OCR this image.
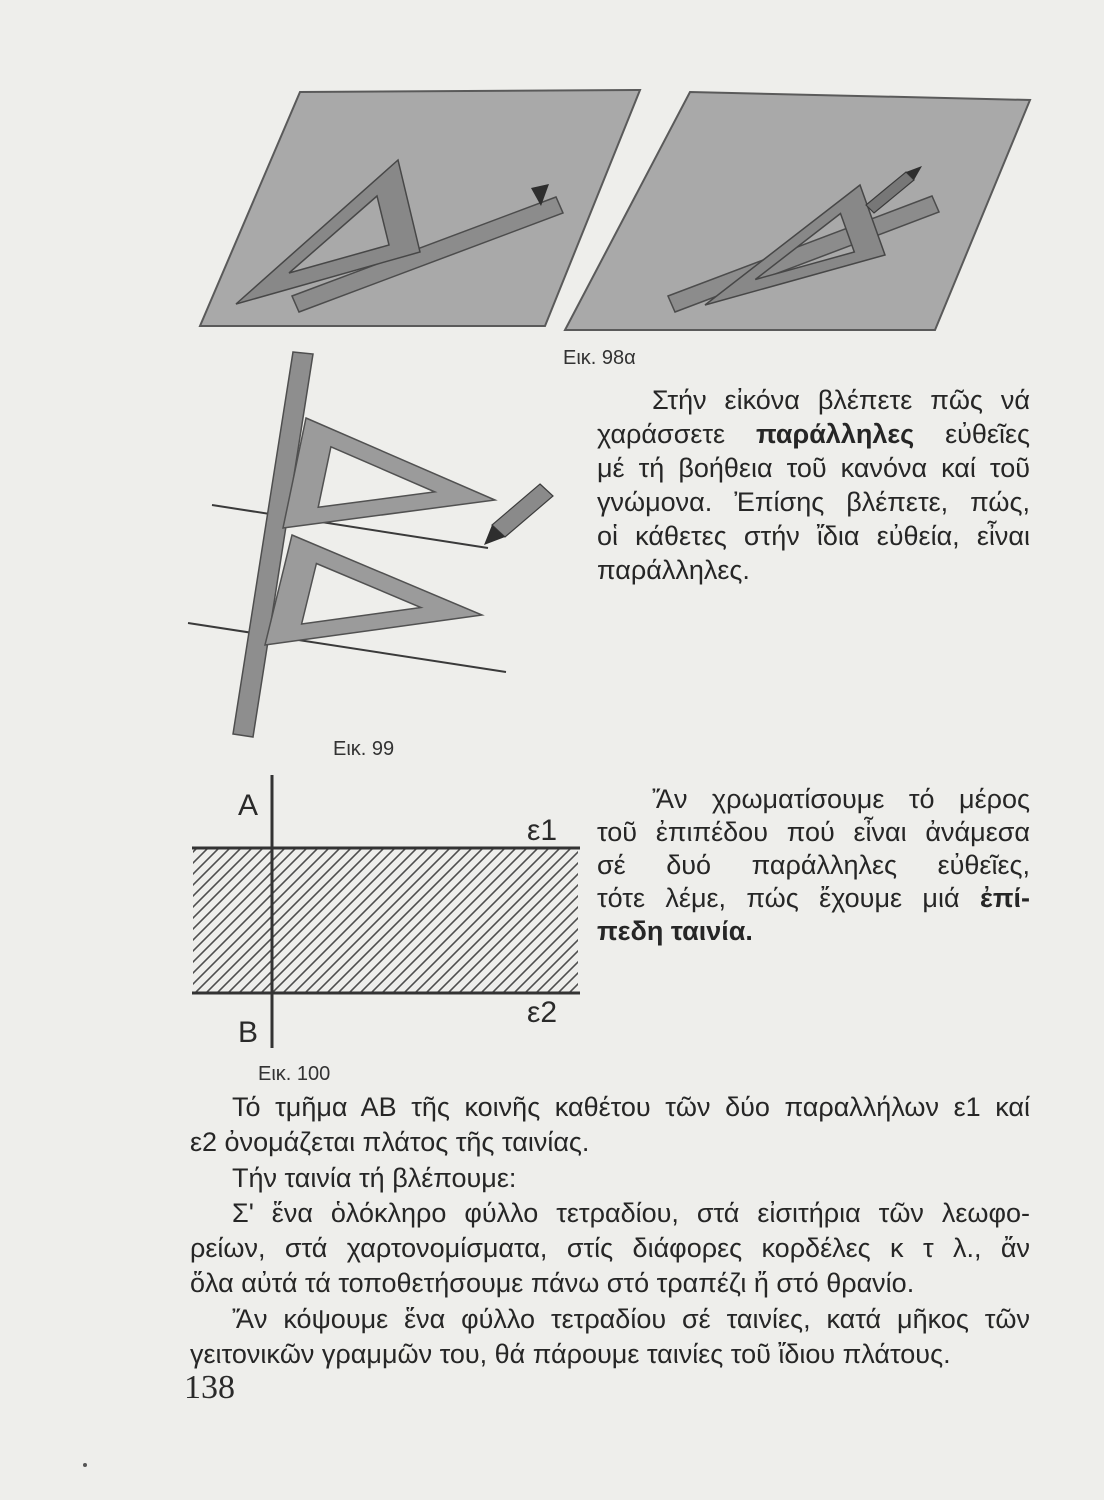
Α
Β
ε1
ε2
Εικ. 98α
Εικ. 99
Εικ. 100
Στήν εἰκόνα βλέπετε πῶς νά
χαράσσετε παράλληλες εὐθεῖες
μέ τή βοήθεια τοῦ κανόνα καί τοῦ
γνώμονα. Ἐπίσης βλέπετε, πώς,
οἱ κάθετες στήν ἴδια εὐθεία, εἶναι
παράλληλες.
Ἄν χρωματίσουμε τό μέρος
τοῦ ἐπιπέδου πού εἶναι ἀνάμεσα
σέ δυό παράλληλες εὐθεῖες,
τότε λέμε, πώς ἔχουμε μιά ἐπί-
πεδη ταινία.
Τό τμῆμα ΑΒ τῆς κοινῆς καθέτου τῶν δύο παραλλήλων ε1 καί
ε2 ὀνομάζεται πλάτος τῆς ταινίας.
Τήν ταινία τή βλέπουμε:
Σ' ἕνα ὁλόκληρο φύλλο τετραδίου, στά εἰσιτήρια τῶν λεωφο-
ρείων, στά χαρτονομίσματα, στίς διάφορες κορδέλες κ τ λ., ἄν
ὅλα αὐτά τά τοποθετήσουμε πάνω στό τραπέζι ἤ στό θρανίο.
Ἄν κόψουμε ἕνα φύλλο τετραδίου σέ ταινίες, κατά μῆκος τῶν
γειτονικῶν γραμμῶν του, θά πάρουμε ταινίες τοῦ ἴδιου πλάτους.
138
